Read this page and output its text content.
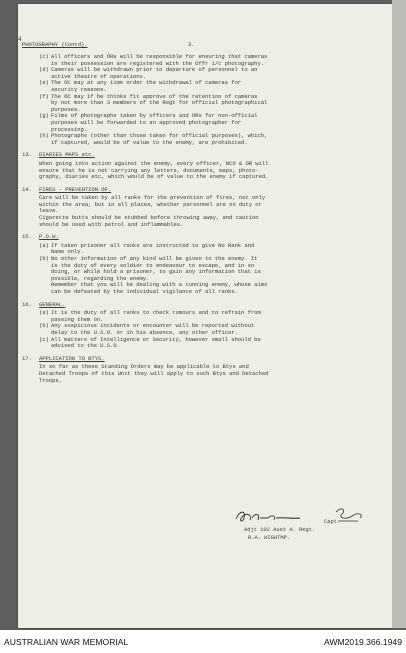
4
PHOTOGRAPHY (Contd).	3.
(c) All officers and ORs will be responsible for ensuring that cameras
in their possession are registered with the Offr i/c photography.
(d) Cameras will be withdrawn prior to departure of personnel to an
active theatre of operations.
(e) The OC may at any time order the withdrawal of cameras for
security reasons.
(f) The OC may if he thinks fit approve of the retention of cameras
by not more than 3 members of the Regt for official photographical
purposes.
(g) Films of photographs taken by officers and ORs for non-official
purposes will be forwarded to an approved photographer for
processing.
(h) Photographs (other than those taken for official purposes), which,
if captured, would be of value to the enemy, are prohibited.
13.	DIARIES MAPS etc.
When going into action against the enemy, every officer, NCO & OR will
ensure that he is not carrying any letters, documents, maps, photo-
graphy, diaries etc, which would be of value to the enemy if captured.
14.	FIRES - PREVENTION OF.
Care will be taken by all ranks for the prevention of fires, not only
within the area, but in all places, whether personnel are on duty or
leave.
Cigarette butts should be stubbed before throwing away, and caution
should be used with petrol and inflammables.
15.	P.O.W.
(a) If taken prisoner all ranks are instructed to give No Rank and
Name only.
(b) No other information of any kind will be given to the enemy. It
is the duty of every soldier to endeavour to escape, and in so
doing, or while hold a prisoner, to gain any information that is
possible, regarding the enemy.
Remember that you will be dealing with a cunning enemy, whose aims
can be defeated by the individual vigilance of all ranks.
16.	GENERAL.
(a) It is the duty of all ranks to check rumours and to refrain from
passing them on.
(b) Any suspicious incidents or encounter will be reported without
delay to the U.S.O. or in his absence, any other officer.
(c) All matters of Intelligence or Security, however small should be
advised to the U.S.O.
17.	APPLICATION TO BTYS.
In so far as these Standing Orders may be applicable to Btys and
Detached Troops of this Unit they will apply to such Btys and Detached
Troops.
Capt.
Adjt 102 Aust A. Regt.
R.A. HIGHTMP.
AUSTRALIAN WAR MEMORIAL	AWM2019.366.1949
